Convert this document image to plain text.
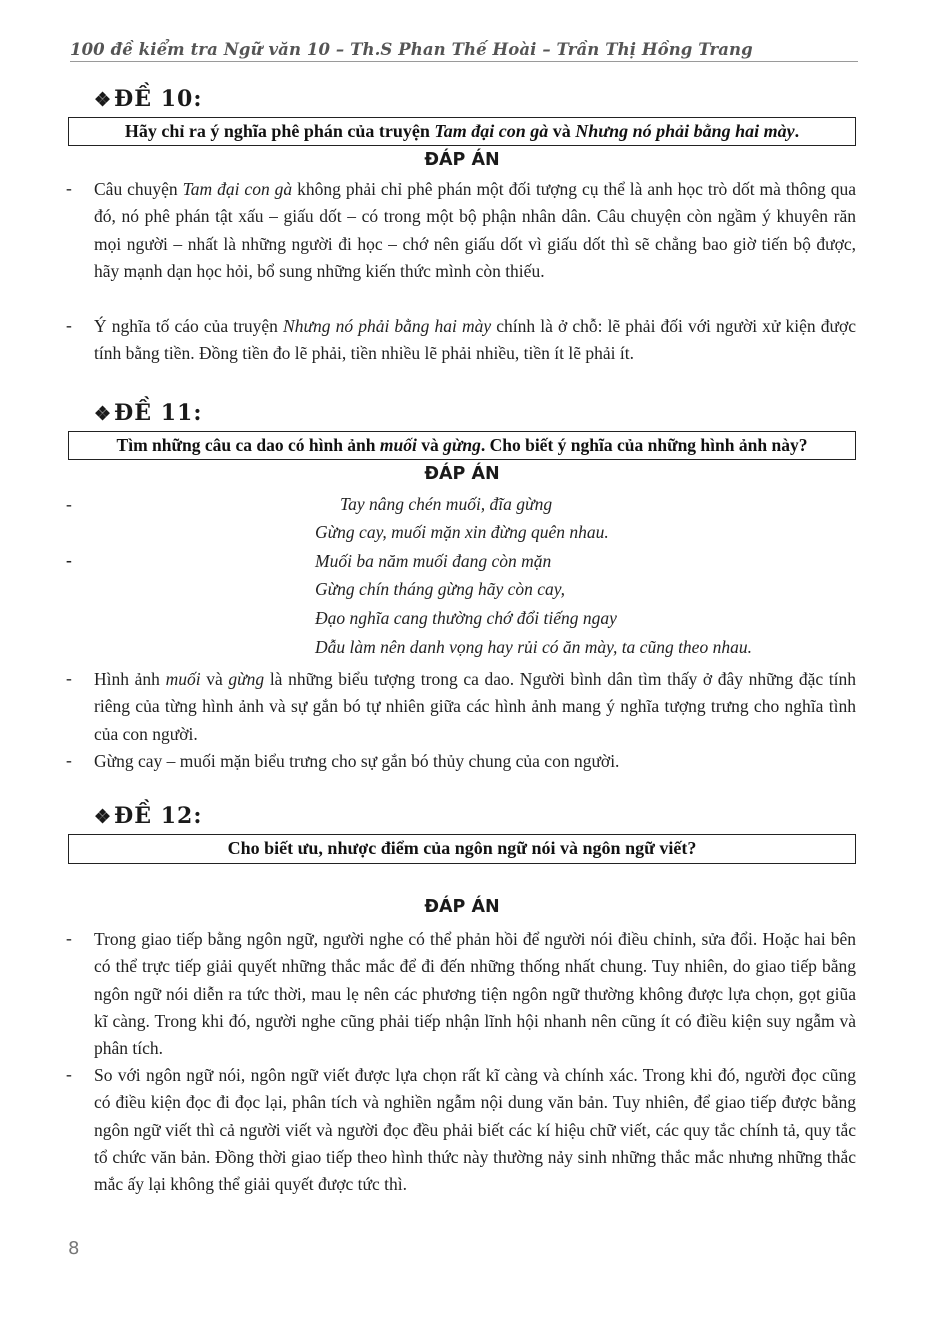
100 đề kiểm tra Ngữ văn 10 – Th.S Phan Thế Hoài – Trần Thị Hồng Trang
❖ĐỀ 10:
Hãy chỉ ra ý nghĩa phê phán của truyện Tam đại con gà và Nhưng nó phải bằng hai mày.
ĐÁP ÁN
- Câu chuyện Tam đại con gà không phải chỉ phê phán một đối tượng cụ thể là anh học trò dốt mà thông qua đó, nó phê phán tật xấu – giấu dốt – có trong một bộ phận nhân dân. Câu chuyện còn ngầm ý khuyên răn mọi người – nhất là những người đi học – chớ nên giấu dốt vì giấu dốt thì sẽ chẳng bao giờ tiến bộ được, hãy mạnh dạn học hỏi, bổ sung những kiến thức mình còn thiếu.
- Ý nghĩa tố cáo của truyện Nhưng nó phải bằng hai mày chính là ở chỗ: lẽ phải đối với người xử kiện được tính bằng tiền. Đồng tiền đo lẽ phải, tiền nhiều lẽ phải nhiều, tiền ít lẽ phải ít.
❖ĐỀ 11:
Tìm những câu ca dao có hình ảnh muối và gừng. Cho biết ý nghĩa của những hình ảnh này?
ĐÁP ÁN
-	Tay nâng chén muối, đĩa gừng
Gừng cay, muối mặn xin đừng quên nhau.
-	Muối ba năm muối đang còn mặn
Gừng chín tháng gừng hãy còn cay,
Đạo nghĩa cang thường chớ đổi tiếng ngay
Dẫu làm nên danh vọng hay rủi có ăn mày, ta cũng theo nhau.
- Hình ảnh muối và gừng là những biểu tượng trong ca dao. Người bình dân tìm thấy ở đây những đặc tính riêng của từng hình ảnh và sự gắn bó tự nhiên giữa các hình ảnh mang ý nghĩa tượng trưng cho nghĩa tình của con người.
- Gừng cay – muối mặn biểu trưng cho sự gắn bó thủy chung của con người.
❖ĐỀ 12:
Cho biết ưu, nhược điểm của ngôn ngữ nói và ngôn ngữ viết?
ĐÁP ÁN
- Trong giao tiếp bằng ngôn ngữ, người nghe có thể phản hồi để người nói điều chỉnh, sửa đổi. Hoặc hai bên có thể trực tiếp giải quyết những thắc mắc để đi đến những thống nhất chung. Tuy nhiên, do giao tiếp bằng ngôn ngữ nói diễn ra tức thời, mau lẹ nên các phương tiện ngôn ngữ thường không được lựa chọn, gọt giũa kĩ càng. Trong khi đó, người nghe cũng phải tiếp nhận lĩnh hội nhanh nên cũng ít có điều kiện suy ngẫm và phân tích.
- So với ngôn ngữ nói, ngôn ngữ viết được lựa chọn rất kĩ càng và chính xác. Trong khi đó, người đọc cũng có điều kiện đọc đi đọc lại, phân tích và nghiền ngẫm nội dung văn bản. Tuy nhiên, để giao tiếp được bằng ngôn ngữ viết thì cả người viết và người đọc đều phải biết các kí hiệu chữ viết, các quy tắc chính tả, quy tắc tổ chức văn bản. Đồng thời giao tiếp theo hình thức này thường nảy sinh những thắc mắc nhưng những thắc mắc ấy lại không thể giải quyết được tức thì.
8
